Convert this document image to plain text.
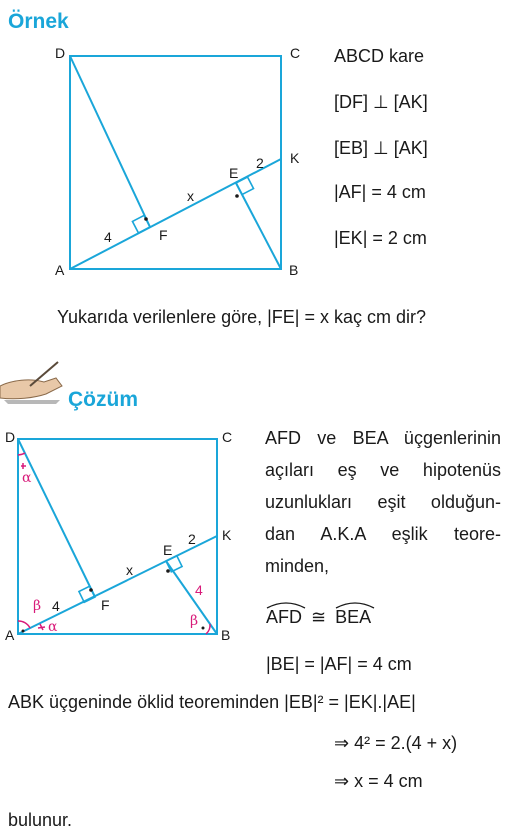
Örnek
D	C
K
E
F
A	B
4
x
2
ABCD kare
[DF] ⊥ [AK]
[EB] ⊥ [AK]
|AF| = 4 cm
|EK| = 2 cm
Yukarıda verilenlere göre, |FE| = x kaç cm dir?
Çözüm
D	C
K
E
F
A	B
4
x
2
4
β
α
α
β
AFD ve BEA üçgenlerinin
açıları eş ve hipotenüs
uzunlukları eşit olduğun-
dan A.K.A eşlik teore-
minden,
AFD ≅ BEA
|BE| = |AF| = 4 cm
ABK üçgeninde öklid teoreminden |EB|² = |EK|.|AE|
⇒ 4² = 2.(4 + x)
⇒ x = 4 cm
bulunur.
